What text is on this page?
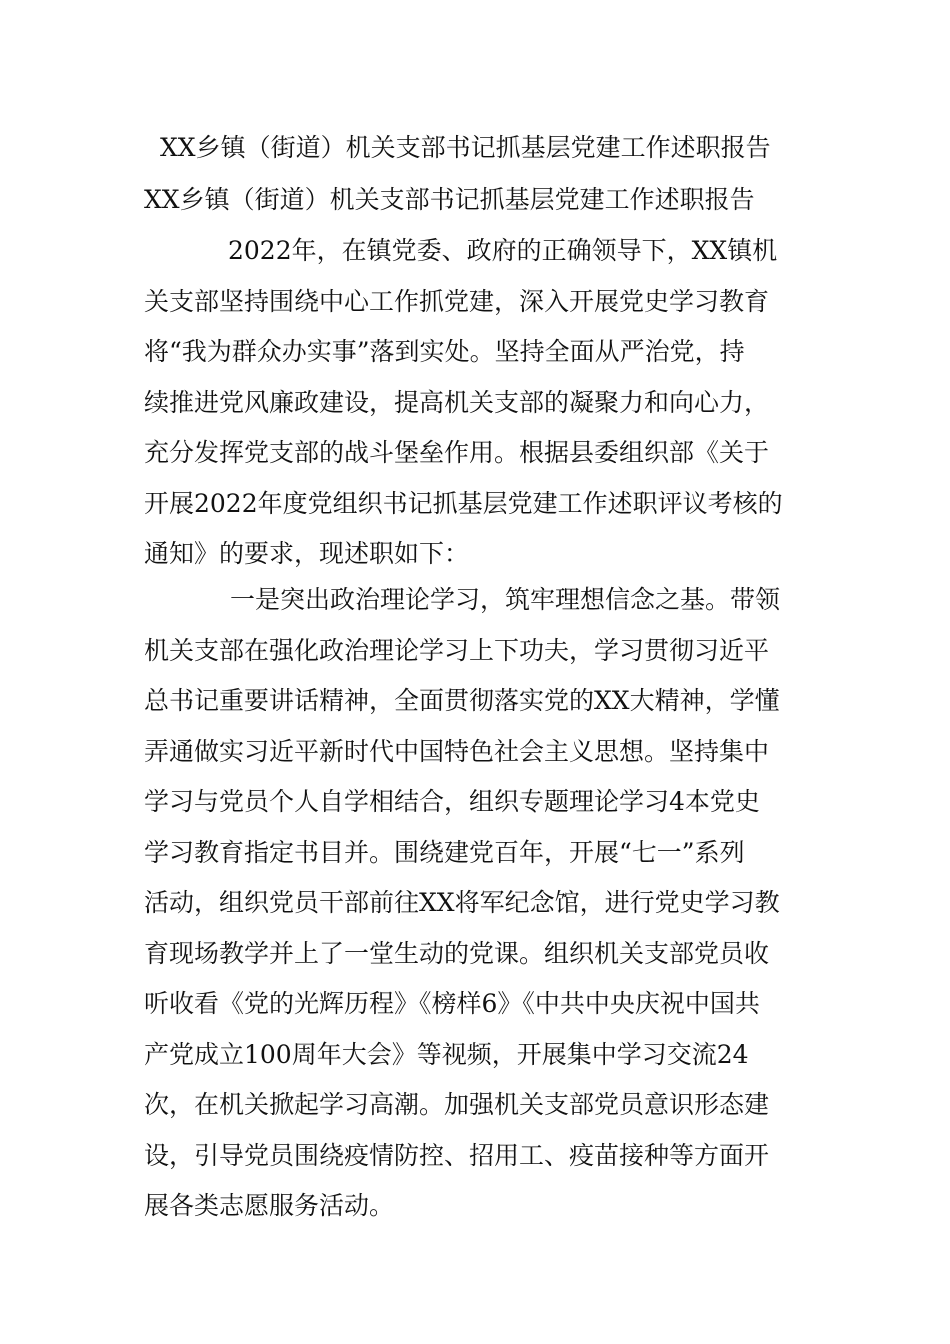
XX乡镇（街道）机关支部书记抓基层党建工作述职报告
XX乡镇（街道）机关支部书记抓基层党建工作述职报告
2022年，在镇党委、政府的正确领导下，XX镇机
关支部坚持围绕中心工作抓党建，深入开展党史学习教育
将“我为群众办实事”落到实处。坚持全面从严治党，持
续推进党风廉政建设，提高机关支部的凝聚力和向心力，
充分发挥党支部的战斗堡垒作用。根据县委组织部《关于
开展2022年度党组织书记抓基层党建工作述职评议考核的
通知》的要求，现述职如下：
一是突出政治理论学习，筑牢理想信念之基。带领
机关支部在强化政治理论学习上下功夫，学习贯彻习近平
总书记重要讲话精神，全面贯彻落实党的XX大精神，学懂
弄通做实习近平新时代中国特色社会主义思想。坚持集中
学习与党员个人自学相结合，组织专题理论学习4本党史
学习教育指定书目并。围绕建党百年，开展“七一”系列
活动，组织党员干部前往XX将军纪念馆，进行党史学习教
育现场教学并上了一堂生动的党课。组织机关支部党员收
听收看《党的光辉历程》《榜样6》《中共中央庆祝中国共
产党成立100周年大会》等视频，开展集中学习交流24
次，在机关掀起学习高潮。加强机关支部党员意识形态建
设，引导党员围绕疫情防控、招用工、疫苗接种等方面开
展各类志愿服务活动。
